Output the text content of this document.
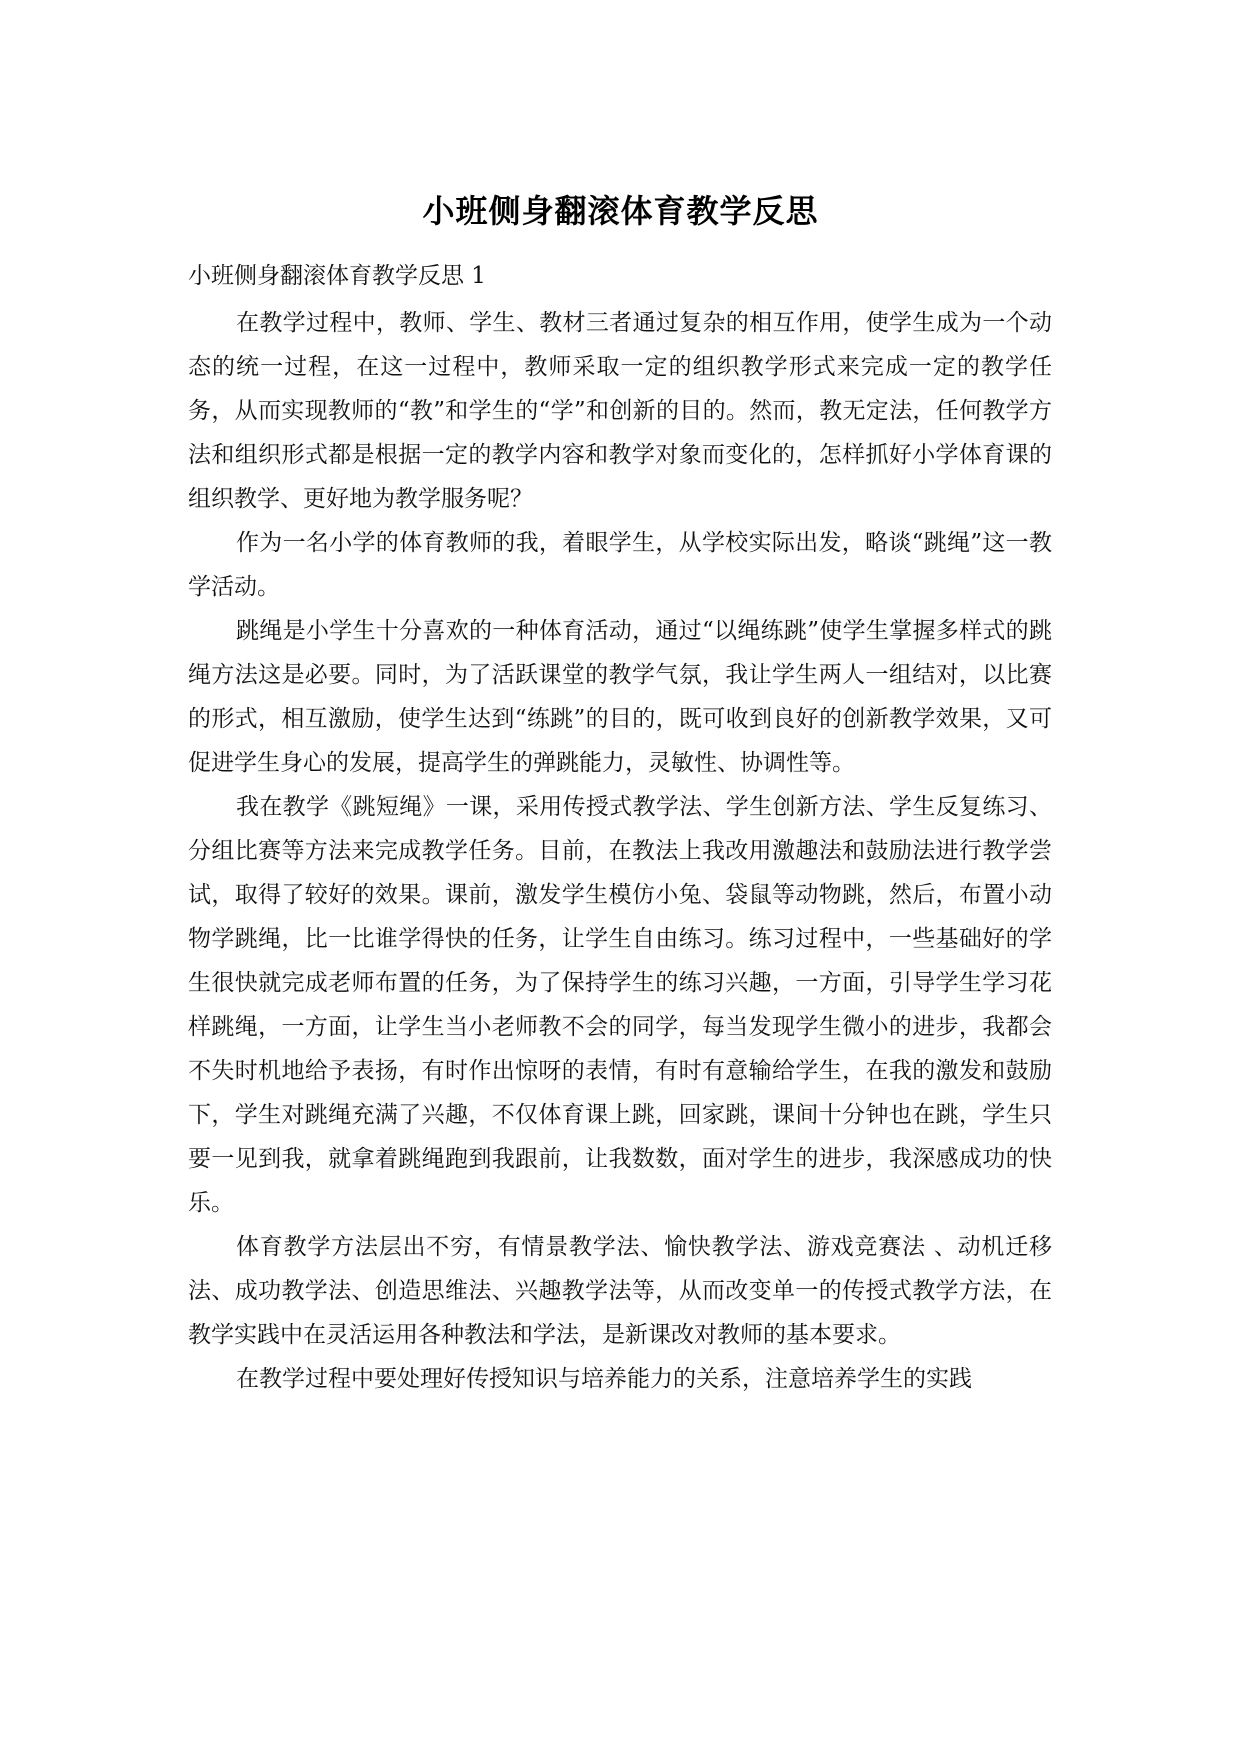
小班侧身翻滚体育教学反思
小班侧身翻滚体育教学反思 1

在教学过程中，教师、学生、教材三者通过复杂的相互作用，使学生成为一个动态的统一过程，在这一过程中，教师采取一定的组织教学形式来完成一定的教学任务，从而实现教师的“教”和学生的“学”和创新的目的。然而，教无定法，任何教学方法和组织形式都是根据一定的教学内容和教学对象而变化的，怎样抓好小学体育课的组织教学、更好地为教学服务呢？

作为一名小学的体育教师的我，着眼学生，从学校实际出发，略谈“跳绳”这一教学活动。

跳绳是小学生十分喜欢的一种体育活动，通过“以绳练跳”使学生掌握多样式的跳绳方法这是必要。同时，为了活跃课堂的教学气氛，我让学生两人一组结对，以比赛的形式，相互激励，使学生达到“练跳”的目的，既可收到良好的创新教学效果，又可促进学生身心的发展，提高学生的弹跳能力，灵敏性、协调性等。

我在教学《跳短绳》一课，采用传授式教学法、学生创新方法、学生反复练习、分组比赛等方法来完成教学任务。目前，在教法上我改用激趣法和鼓励法进行教学尝试，取得了较好的效果。课前，激发学生模仿小兔、袋鼠等动物跳，然后，布置小动物学跳绳，比一比谁学得快的任务，让学生自由练习。练习过程中，一些基础好的学生很快就完成老师布置的任务，为了保持学生的练习兴趣，一方面，引导学生学习花样跳绳，一方面，让学生当小老师教不会的同学，每当发现学生微小的进步，我都会不失时机地给予表扬，有时作出惊呀的表情，有时有意输给学生，在我的激发和鼓励下，学生对跳绳充满了兴趣，不仅体育课上跳，回家跳，课间十分钟也在跳，学生只要一见到我，就拿着跳绳跑到我跟前，让我数数，面对学生的进步，我深感成功的快乐。

体育教学方法层出不穷，有情景教学法、愉快教学法、游戏竞赛法 、动机迁移法、成功教学法、创造思维法、兴趣教学法等，从而改变单一的传授式教学方法，在教学实践中在灵活运用各种教法和学法，是新课改对教师的基本要求。

在教学过程中要处理好传授知识与培养能力的关系，注意培养学生的实践
